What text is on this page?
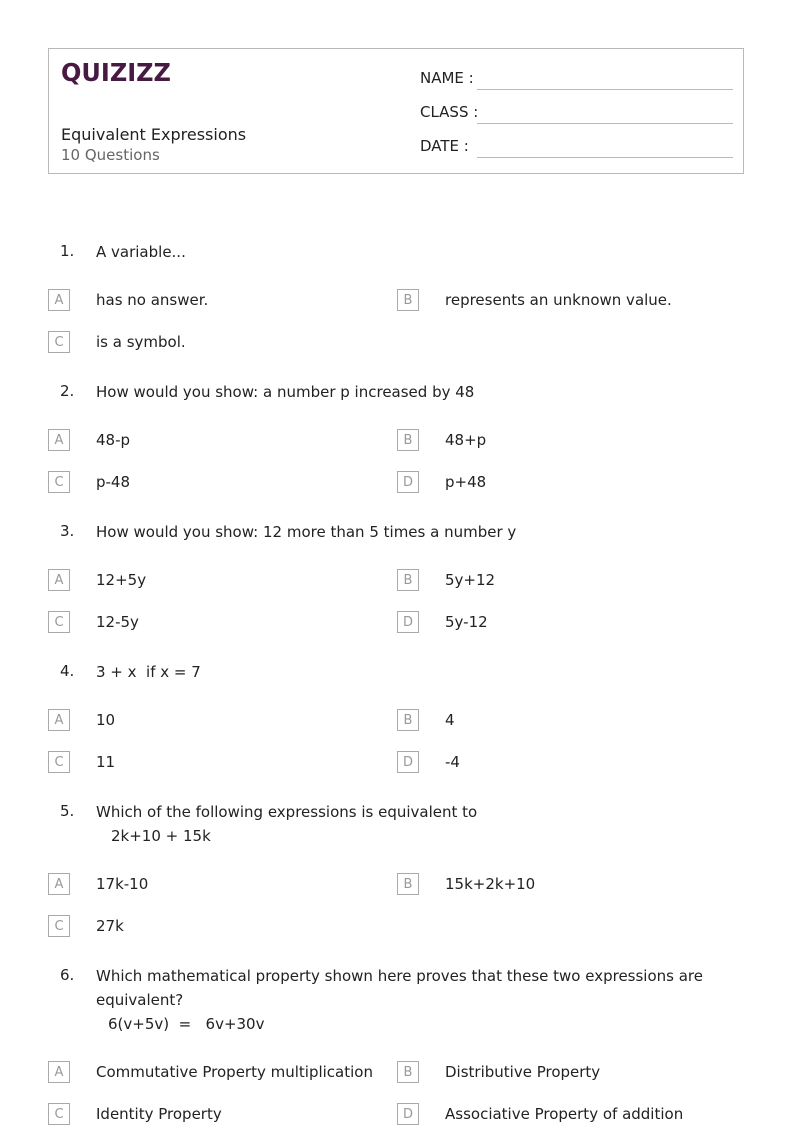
QUIZIZZ
Equivalent Expressions
10 Questions
NAME :
CLASS :
DATE :
1. A variable...
A	has no answer.	B	represents an unknown value.
C	is a symbol.
2. How would you show: a number p increased by 48
A	48-p	B	48+p
C	p-48	D	p+48
3. How would you show: 12 more than 5 times a number y
A	12+5y	B	5y+12
C	12-5y	D	5y-12
4. 3 + x  if x = 7
A	10	B	4
C	11	D	-4
5. Which of the following expressions is equivalent to
2k+10 + 15k
A	17k-10	B	15k+2k+10
C	27k
6. Which mathematical property shown here proves that these two expressions are equivalent?
6(v+5v)  =   6v+30v
A	Commutative Property multiplication	B	Distributive Property
C	Identity Property	D	Associative Property of addition
